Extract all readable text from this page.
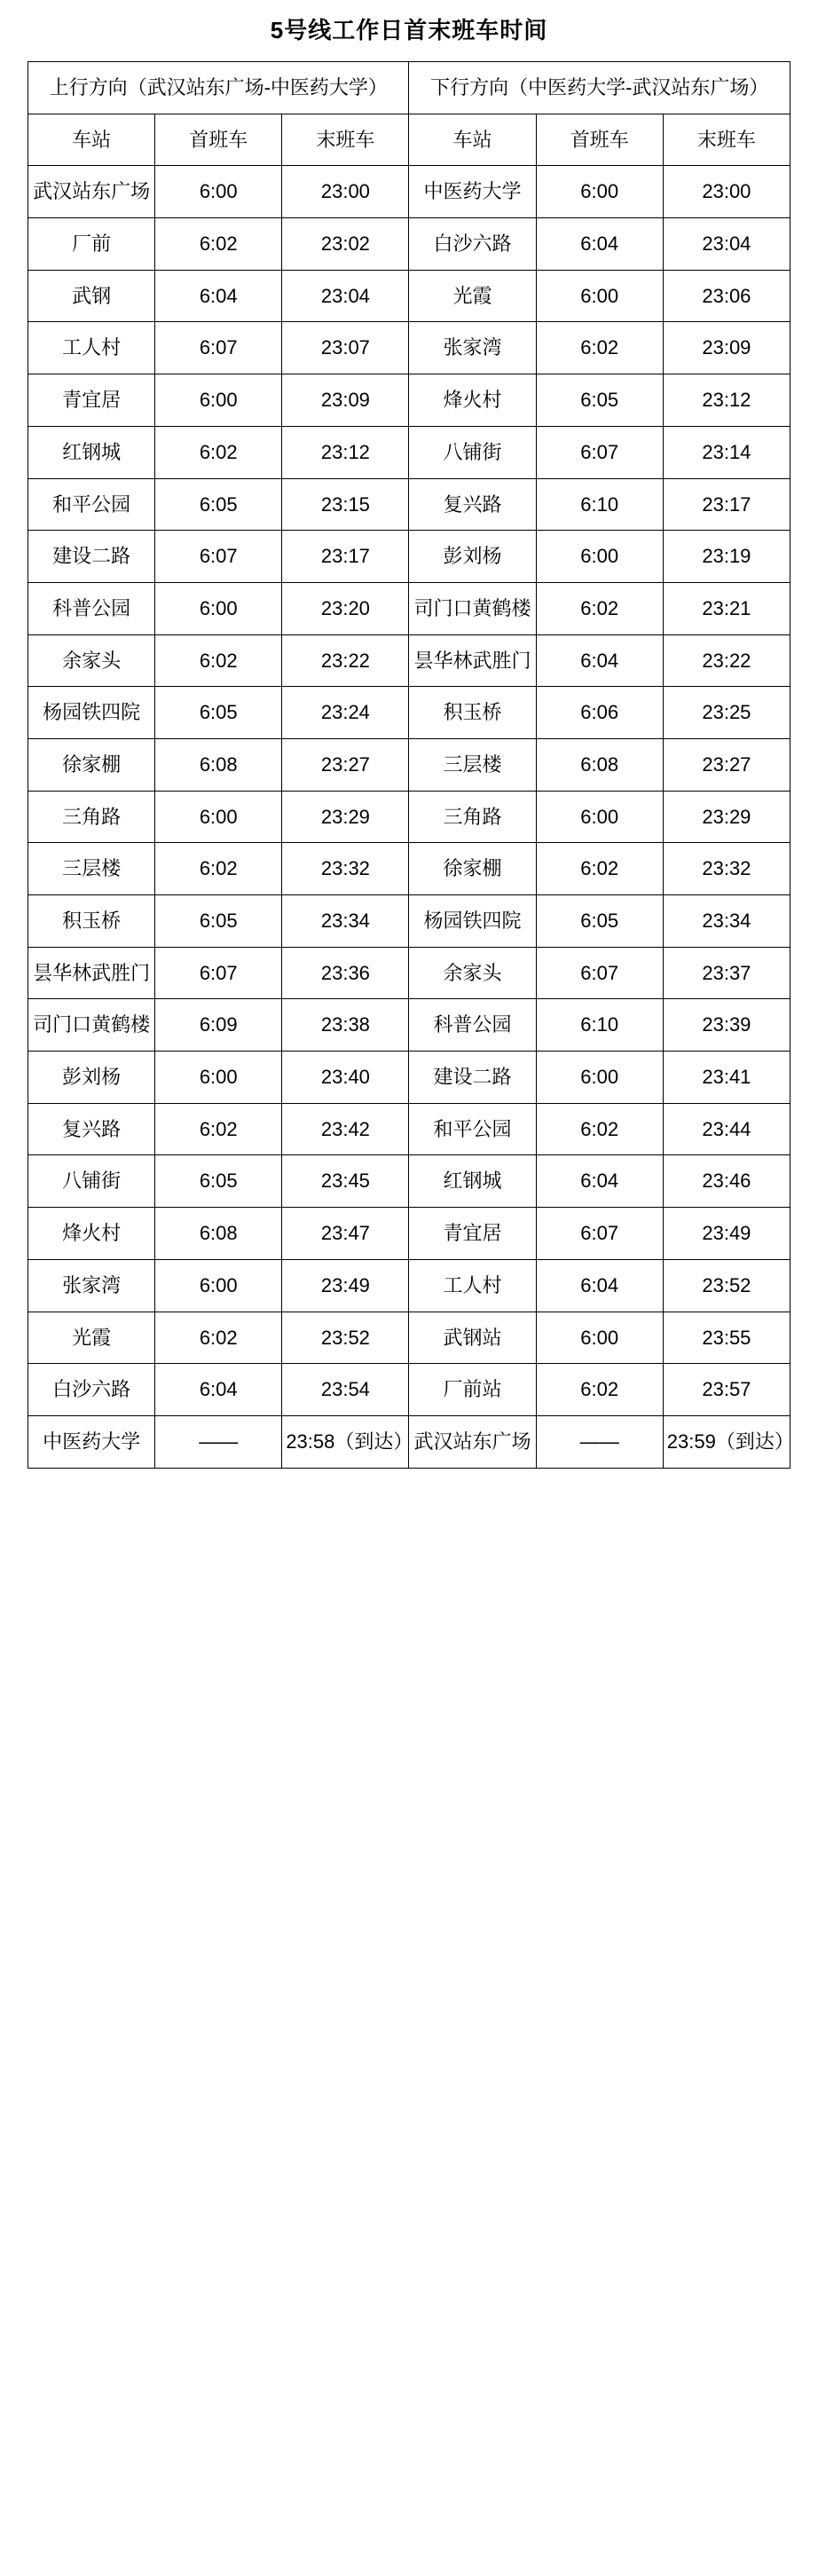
5号线工作日首末班车时间
上行方向（武汉站东广场-中医药大学）			下行方向（中医药大学-武汉站东广场）		
车站	首班车	末班车	车站	首班车	末班车
武汉站东广场	6:00	23:00	中医药大学	6:00	23:00
厂前	6:02	23:02	白沙六路	6:04	23:04
武钢	6:04	23:04	光霞	6:00	23:06
工人村	6:07	23:07	张家湾	6:02	23:09
青宜居	6:00	23:09	烽火村	6:05	23:12
红钢城	6:02	23:12	八铺街	6:07	23:14
和平公园	6:05	23:15	复兴路	6:10	23:17
建设二路	6:07	23:17	彭刘杨	6:00	23:19
科普公园	6:00	23:20	司门口黄鹤楼	6:02	23:21
余家头	6:02	23:22	昙华林武胜门	6:04	23:22
杨园铁四院	6:05	23:24	积玉桥	6:06	23:25
徐家棚	6:08	23:27	三层楼	6:08	23:27
三角路	6:00	23:29	三角路	6:00	23:29
三层楼	6:02	23:32	徐家棚	6:02	23:32
积玉桥	6:05	23:34	杨园铁四院	6:05	23:34
昙华林武胜门	6:07	23:36	余家头	6:07	23:37
司门口黄鹤楼	6:09	23:38	科普公园	6:10	23:39
彭刘杨	6:00	23:40	建设二路	6:00	23:41
复兴路	6:02	23:42	和平公园	6:02	23:44
八铺街	6:05	23:45	红钢城	6:04	23:46
烽火村	6:08	23:47	青宜居	6:07	23:49
张家湾	6:00	23:49	工人村	6:04	23:52
光霞	6:02	23:52	武钢站	6:00	23:55
白沙六路	6:04	23:54	厂前站	6:02	23:57
中医药大学	——	23:58（到达）	武汉站东广场	——	23:59（到达）
